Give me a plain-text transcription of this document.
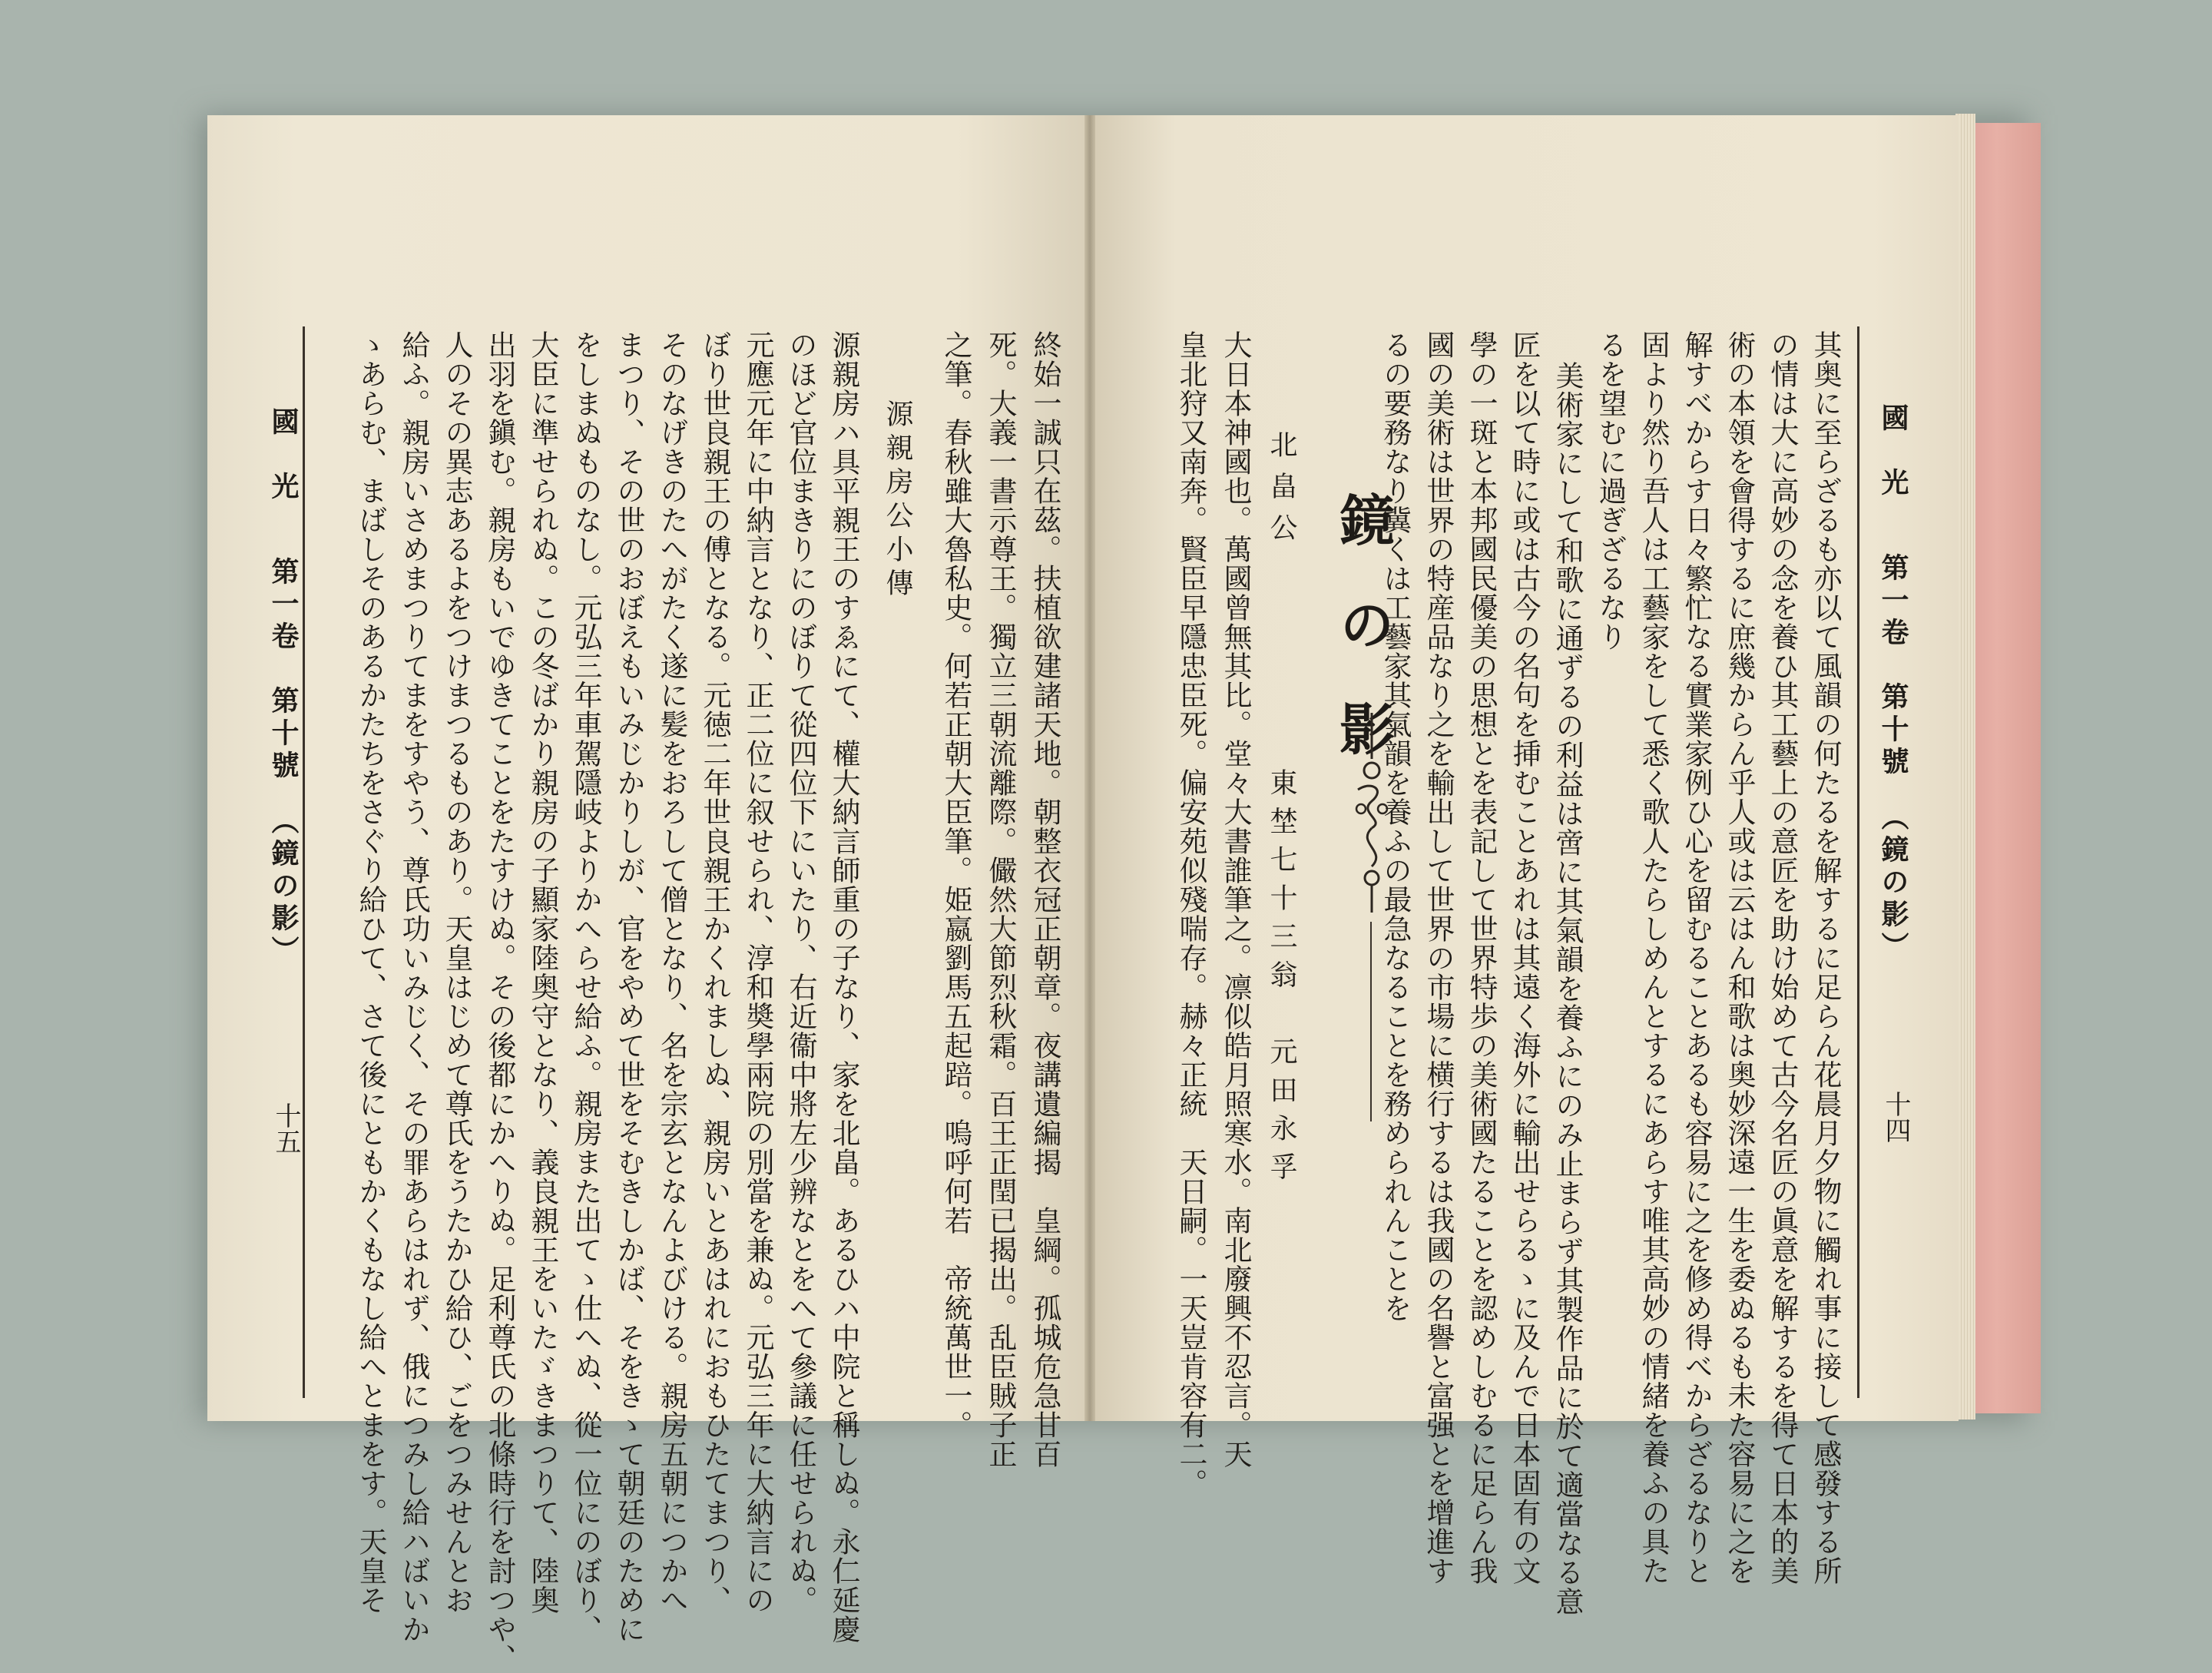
國　光
第一卷　第十號
（鏡の影）
十四
其奥に至らざるも亦以て風韻の何たるを解するに足らん花晨月夕物に觸れ事に接して感發する所
の情は大に高妙の念を養ひ其工藝上の意匠を助け始めて古今名匠の眞意を解するを得て日本的美
術の本領を會得するに庶幾からん乎人或は云はん和歌は奥妙深遠一生を委ぬるも未た容易に之を
解すべからす日々繁忙なる實業家例ひ心を留むることあるも容易に之を修め得べからざるなりと
固より然り吾人は工藝家をして悉く歌人たらしめんとするにあらす唯其高妙の情緒を養ふの具た
るを望むに過ぎざるなり
美術家にして和歌に通ずるの利益は啻に其氣韻を養ふにのみ止まらず其製作品に於て適當なる意
匠を以て時に或は古今の名句を挿むことあれは其遠く海外に輸出せらるゝに及んで日本固有の文
學の一斑と本邦國民優美の思想とを表記して世界特歩の美術國たることを認めしむるに足らん我
國の美術は世界の特産品なり之を輸出して世界の市場に横行するは我國の名譽と富强とを增進す
るの要務なり冀くは工藝家其氣韻を養ふの最急なることを務められんことを
鏡の影
北畠公
東埜七十三翁　元田永孚
大日本神國也。萬國曾無其比。堂々大書誰筆之。凛似皓月照寒水。南北廢興不忍言。天
皇北狩又南奔。賢臣早隱忠臣死。偏安苑似殘喘存。赫々正統　天日嗣。一天豈肯容有二。
國　光
第一卷　第十號
（鏡の影）
十五	終始一誠只在茲。扶植欲建諸天地。朝整衣冠正朝章。夜講遺編揭　皇綱。孤城危急甘百
死。大義一書示尊王。獨立三朝流離際。儼然大節烈秋霜。百王正閏已揭出。乱臣賊子正
之筆。春秋雖大魯私史。何若正朝大臣筆。姫嬴劉馬五起踣。嗚呼何若　帝統萬世一。
源親房公小傳
源親房ハ具平親王のすゑにて、權大納言師重の子なり、家を北畠。あるひハ中院と稱しぬ。永仁延慶
のほど官位まきりにのぼりて從四位下にいたり、右近衞中將左少辨なとをへて參議に任せられぬ。
元應元年に中納言となり、正二位に叙せられ、淳和奬學兩院の別當を兼ぬ。元弘三年に大納言にの
ぼり世良親王の傅となる。元徳二年世良親王かくれましぬ、親房いとあはれにおもひたてまつり、
そのなげきのたへがたく遂に髪をおろして僧となり、名を宗玄となんよびける。親房五朝につかへ
まつり、その世のおぼえもいみじかりしが、官をやめて世をそむきしかば、そをきゝて朝廷のために
をしまぬものなし。元弘三年車駕隱岐よりかへらせ給ふ。親房また出てゝ仕へぬ、從一位にのぼり、
大臣に準せられぬ。この冬ばかり親房の子顯家陸奥守となり、義良親王をいたゞきまつりて、陸奥
出羽を鎭む。親房もいでゆきてことをたすけぬ。その後都にかへりぬ。足利尊氏の北條時行を討つや、
人のその異志あるよをつけまつるものあり。天皇はじめて尊氏をうたかひ給ひ、ごをつみせんとお
給ふ。親房いさめまつりてまをすやう、尊氏功いみじく、その罪あらはれず、俄につみし給ハばいか
ゝあらむ、まばしそのあるかたちをさぐり給ひて、さて後にともかくもなし給へとまをす。天皇そ
